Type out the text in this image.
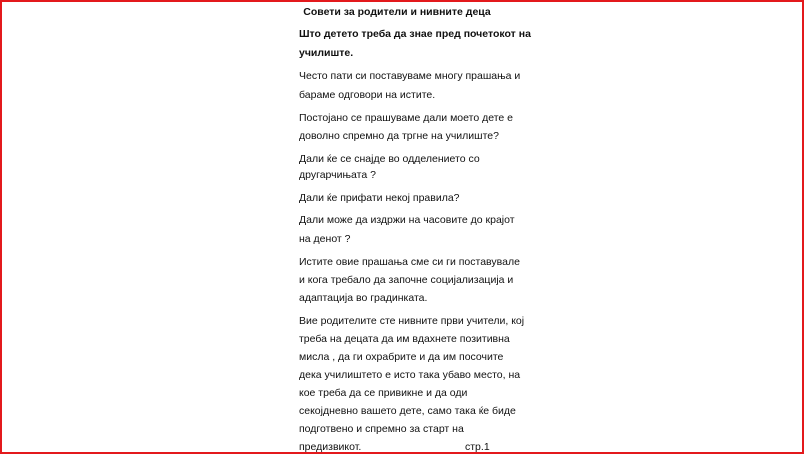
Совети за родители и нивните деца
Што детето треба да знае пред почетокот на
училиште.
Често пати си поставуваме многу прашања и
бараме одговори на истите.
Постојано се прашуваме дали моето дете е
доволно спремно да тргне на училиште?
Дали ќе се снајде во одделението со
другарчињата ?
Дали ќе прифати некој правила?
Дали може да издржи на часовите до крајот
на денот ?
Истите овие прашања сме си ги поставувале
и кога требало да започне социјализација и
адаптација во градинката.
Вие родителите сте нивните први учители, кој
треба на децата да им вдахнете позитивна
мисла , да ги охрабрите и да им посочите
дека училиштето е исто така убаво место, на
кое треба да се привикне и да оди
секојдневно вашето дете, само така ќе биде
подготвено и спремно за старт на
предизвикот.	стр.1
